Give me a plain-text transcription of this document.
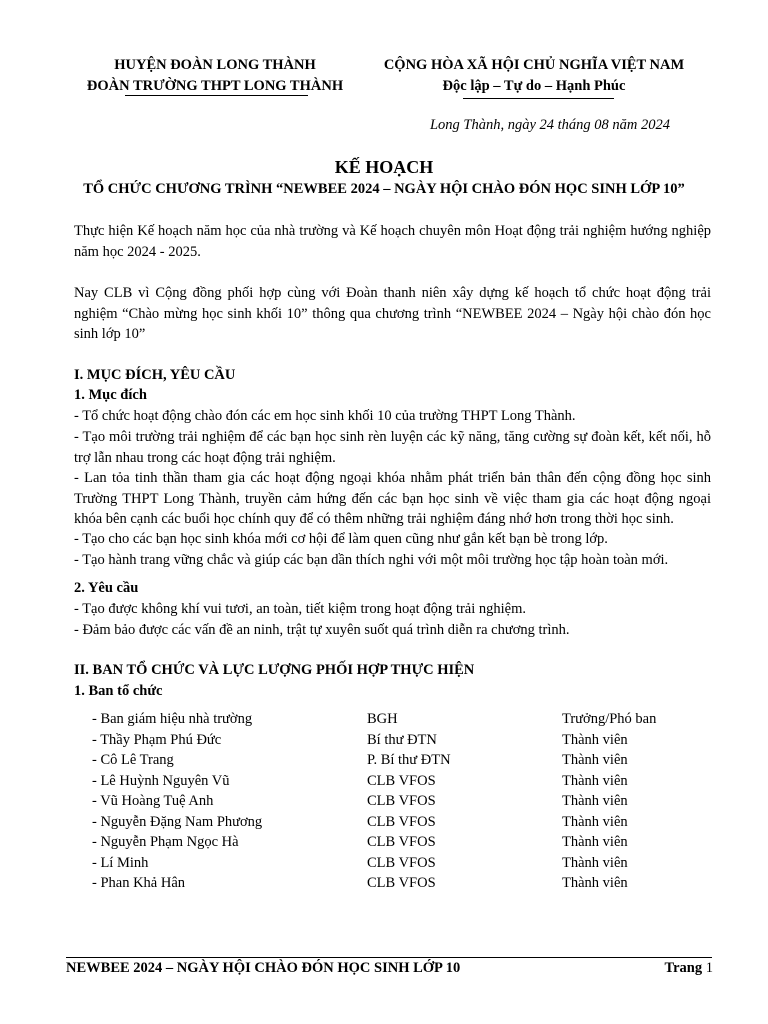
HUYỆN ĐOÀN LONG THÀNH
ĐOÀN TRƯỜNG THPT LONG THÀNH
CỘNG HÒA XÃ HỘI CHỦ NGHĨA VIỆT NAM
Độc lập – Tự do – Hạnh Phúc
Long Thành, ngày 24 tháng 08 năm 2024
KẾ HOẠCH
TỔ CHỨC CHƯƠNG TRÌNH “NEWBEE 2024 – NGÀY HỘI CHÀO ĐÓN HỌC SINH LỚP 10”
Thực hiện Kế hoạch năm học của nhà trường và Kế hoạch chuyên môn Hoạt động trải nghiệm hướng nghiệp năm học 2024 - 2025.
Nay CLB vì Cộng đồng phối hợp cùng với Đoàn thanh niên xây dựng kế hoạch tổ chức hoạt động trải nghiệm “Chào mừng học sinh khối 10” thông qua chương trình “NEWBEE 2024 – Ngày hội chào đón học sinh lớp 10”
I. MỤC ĐÍCH, YÊU CẦU
1. Mục đích
- Tổ chức hoạt động chào đón các em học sinh khối 10 của trường THPT Long Thành.
- Tạo môi trường trải nghiệm để các bạn học sinh rèn luyện các kỹ năng, tăng cường sự đoàn kết, kết nối, hỗ trợ lẫn nhau trong các hoạt động trải nghiệm.
- Lan tỏa tinh thần tham gia các hoạt động ngoại khóa nhằm phát triển bản thân đến cộng đồng học sinh Trường THPT Long Thành, truyền cảm hứng đến các bạn học sinh về việc tham gia các hoạt động ngoại khóa bên cạnh các buổi học chính quy để có thêm những trải nghiệm đáng nhớ hơn trong thời học sinh.
- Tạo cho các bạn học sinh khóa mới cơ hội để làm quen cũng như gắn kết bạn bè trong lớp.
- Tạo hành trang vững chắc và giúp các bạn dần thích nghi với một môi trường học tập hoàn toàn mới.
2. Yêu cầu
- Tạo được không khí vui tươi, an toàn, tiết kiệm trong hoạt động trải nghiệm.
- Đảm bảo được các vấn đề an ninh, trật tự xuyên suốt quá trình diễn ra chương trình.
II. BAN TỔ CHỨC VÀ LỰC LƯỢNG PHỐI HỢP THỰC HIỆN
1. Ban tổ chức
- Ban giám hiệu nhà trường	BGH	Trưởng/Phó ban
- Thầy Phạm Phú Đức	Bí thư ĐTN	Thành viên
- Cô Lê Trang	P. Bí thư ĐTN	Thành viên
- Lê Huỳnh Nguyên Vũ	CLB VFOS	Thành viên
- Vũ Hoàng Tuệ Anh	CLB VFOS	Thành viên
- Nguyễn Đặng Nam Phương	CLB VFOS	Thành viên
- Nguyễn Phạm Ngọc Hà	CLB VFOS	Thành viên
- Lí Minh	CLB VFOS	Thành viên
- Phan Khả Hân	CLB VFOS	Thành viên
NEWBEE 2024 – NGÀY HỘI CHÀO ĐÓN HỌC SINH LỚP 10	Trang 1
